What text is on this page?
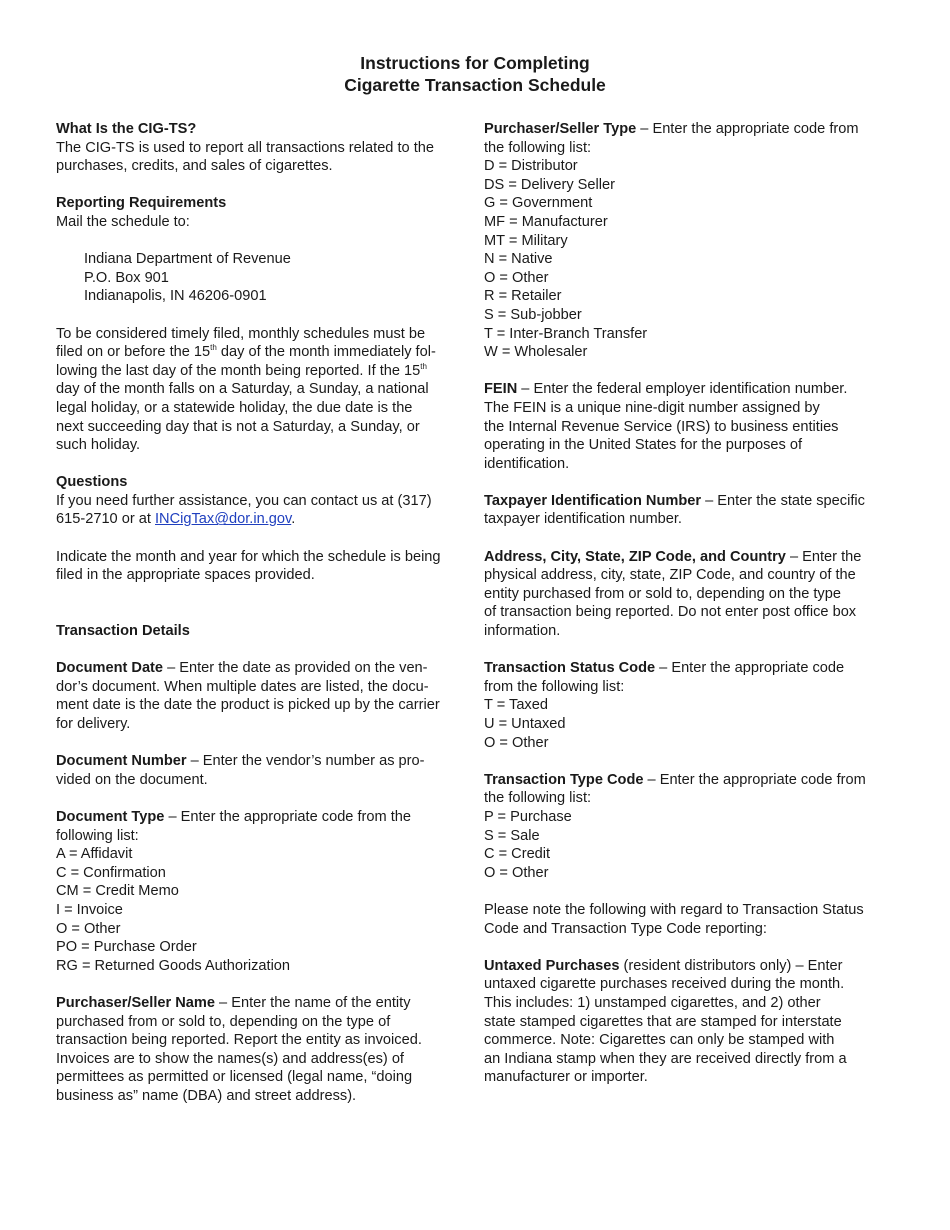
Instructions for Completing
Cigarette Transaction Schedule

What Is the CIG-TS?

The CIG-TS is used to report all transactions related to the

purchases, credits, and sales of cigarettes.

Reporting Requirements

Mail the schedule to:

Indiana Department of Revenue

P.O. Box 901

Indianapolis, IN 46206-0901

To be considered timely filed, monthly schedules must be

filed on or before the 15th day of the month immediately fol-

lowing the last day of the month being reported. If the 15th

day of the month falls on a Saturday, a Sunday, a national

legal holiday, or a statewide holiday, the due date is the

next succeeding day that is not a Saturday, a Sunday, or

such holiday.

Questions

If you need further assistance, you can contact us at (317)

615-2710 or at INCigTax@dor.in.gov.

Indicate the month and year for which the schedule is being

filed in the appropriate spaces provided.

Transaction Details

Document Date – Enter the date as provided on the ven-

dor’s document. When multiple dates are listed, the docu-

ment date is the date the product is picked up by the carrier

for delivery.

Document Number – Enter the vendor’s number as pro-

vided on the document.

Document Type – Enter the appropriate code from the

following list:

A = Affidavit

C = Confirmation

CM = Credit Memo

I = Invoice

O = Other

PO = Purchase Order

RG = Returned Goods Authorization

Purchaser/Seller Name – Enter the name of the entity

purchased from or sold to, depending on the type of

transaction being reported. Report the entity as invoiced.

Invoices are to show the names(s) and address(es) of

permittees as permitted or licensed (legal name, “doing

business as” name (DBA) and street address).

Purchaser/Seller Type – Enter the appropriate code from

the following list:

D = Distributor

DS = Delivery Seller

G = Government

MF = Manufacturer

MT = Military

N = Native

O = Other

R = Retailer

S = Sub-jobber

T = Inter-Branch Transfer

W = Wholesaler

FEIN – Enter the federal employer identification number.

The FEIN is a unique nine-digit number assigned by

the Internal Revenue Service (IRS) to business entities

operating in the United States for the purposes of

identification.

Taxpayer Identification Number – Enter the state specific

taxpayer identification number.

Address, City, State, ZIP Code, and Country – Enter the

physical address, city, state, ZIP Code, and country of the

entity purchased from or sold to, depending on the type

of transaction being reported. Do not enter post office box

information.

Transaction Status Code – Enter the appropriate code

from the following list:

T = Taxed

U = Untaxed

O = Other

Transaction Type Code – Enter the appropriate code from

the following list:

P = Purchase

S = Sale

C = Credit

O = Other

Please note the following with regard to Transaction Status

Code and Transaction Type Code reporting:

Untaxed Purchases (resident distributors only) – Enter

untaxed cigarette purchases received during the month.

This includes: 1) unstamped cigarettes, and 2) other

state stamped cigarettes that are stamped for interstate

commerce. Note: Cigarettes can only be stamped with

an Indiana stamp when they are received directly from a

manufacturer or importer.
